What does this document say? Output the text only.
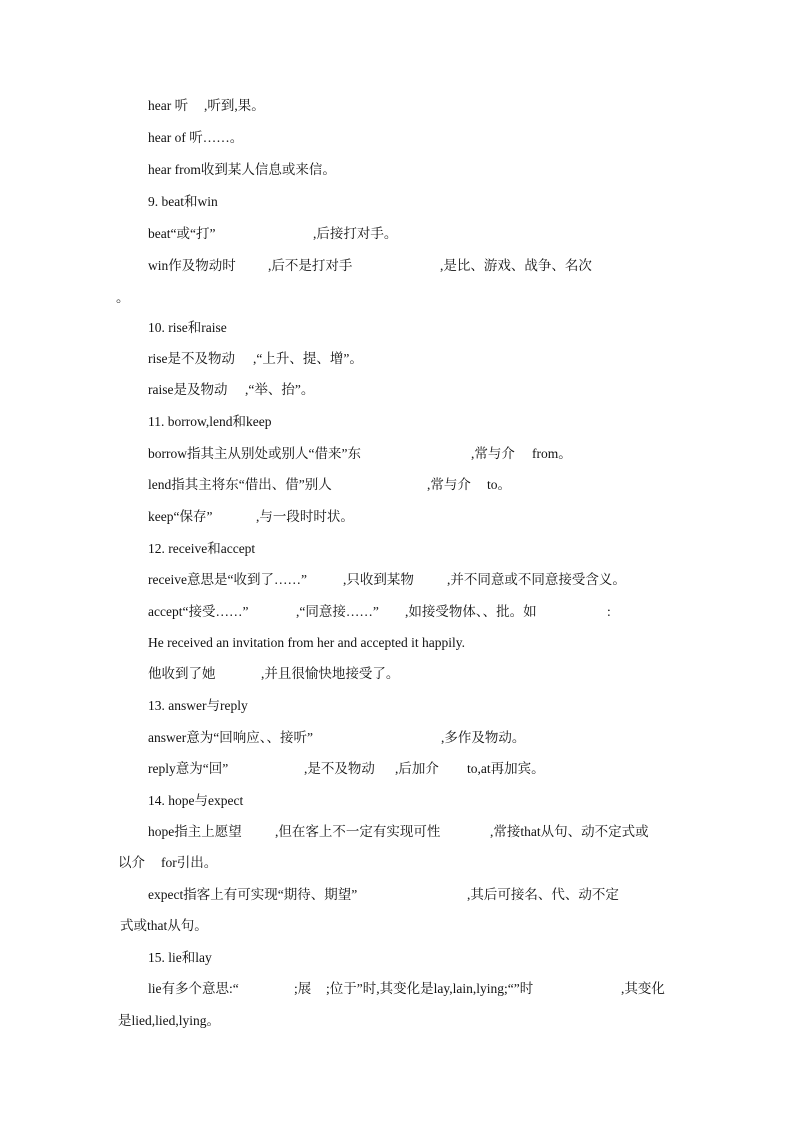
hear 听 ,听到,果。
hear of 听……。
hear from收到某人信息或来信。
9. beat和win
beat“或“打”	,后接打对手。
win作及物动时 ,后不是打对手	,是比、游戏、战争、名次
。
10. rise和raise
rise是不及物动 ,“上升、提、增”。
raise是及物动 ,“举、抬”。
11. borrow,lend和keep
borrow指其主从别处或别人“借来”东	,常与介 from。
lend指其主将东“借出、借”别人	,常与介 to。
keep“保存”	,与一段时时状。
12. receive和accept
receive意思是“收到了……”	,只收到某物 ,并不同意或不同意接受含义。
accept“接受……”	,“同意接……” ,如接受物体、、批。如	:
He received an invitation from her and accepted it happily.
他收到了她	,并且很愉快地接受了。
13. answer与reply
answer意为“回响应、、接听”	,多作及物动。
reply意为“回”	,是不及物动 ,后加介 to,at再加宾。
14. hope与expect
hope指主上愿望 ,但在客上不一定有实现可性	,常接that从句、动不定式或
以介 for引出。
expect指客上有可实现“期待、期望”	,其后可接名、代、动不定
式或that从句。
15. lie和lay
lie有多个意思:“	;展 ;位于”时,其变化是lay,lain,lying;“”时	,其变化
是lied,lied,lying。
